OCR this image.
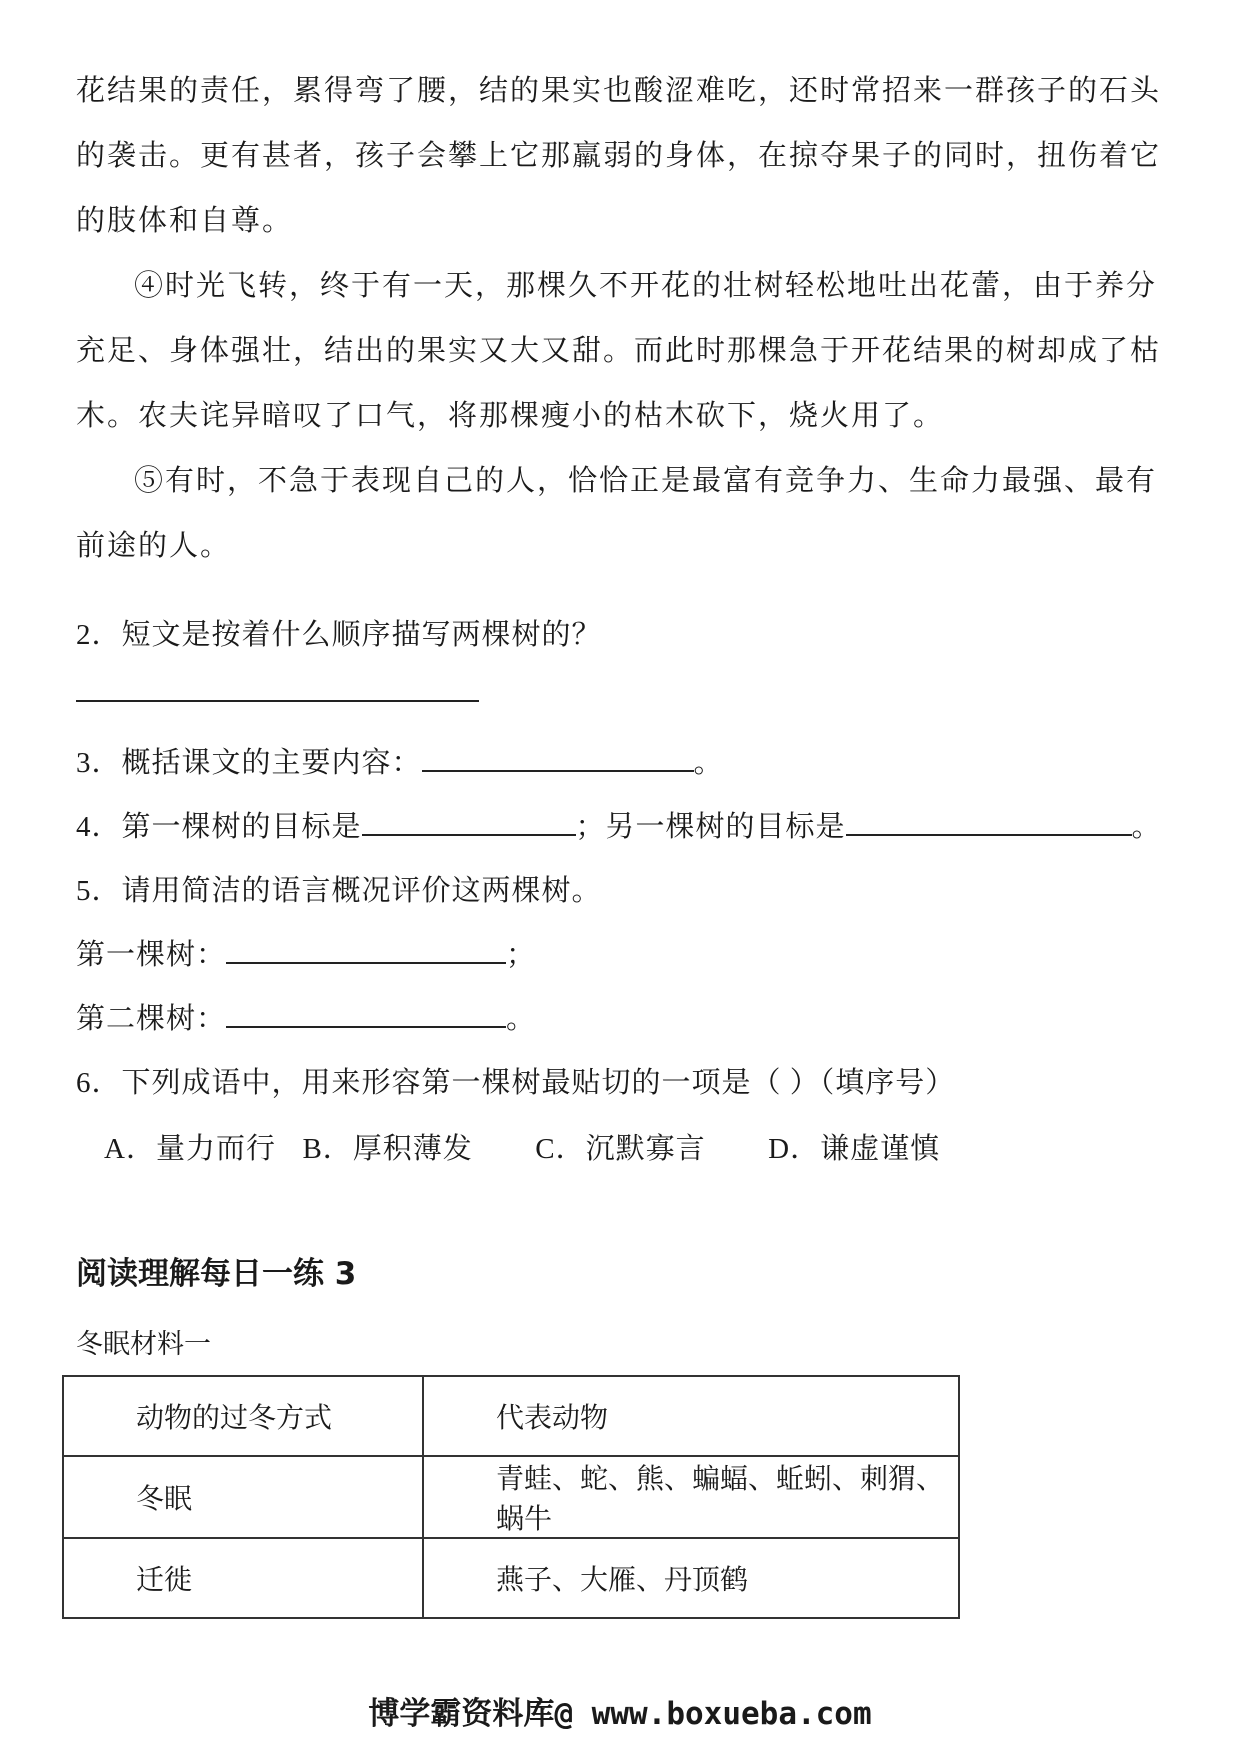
花结果的责任，累得弯了腰，结的果实也酸涩难吃，还时常招来一群孩子的石头的袭击。更有甚者，孩子会攀上它那羸弱的身体，在掠夺果子的同时，扭伤着它的肢体和自尊。

④时光飞转，终于有一天，那棵久不开花的壮树轻松地吐出花蕾，由于养分充足、身体强壮，结出的果实又大又甜。而此时那棵急于开花结果的树却成了枯木。农夫诧异暗叹了口气，将那棵瘦小的枯木砍下，烧火用了。

⑤有时，不急于表现自己的人，恰恰正是最富有竞争力、生命力最强、最有前途的人。

2．短文是按着什么顺序描写两棵树的？
3．概括课文的主要内容：	。
4．第一棵树的目标是	；另一棵树的目标是	。
5．请用简洁的语言概况评价这两棵树。
第一棵树：	；
第二棵树：	。
6．下列成语中，用来形容第一棵树最贴切的一项是（ ）（填序号）
A．量力而行 B．厚积薄发 C．沉默寡言 D．谦虚谨慎
阅读理解每日一练 3
冬眠材料一
动物的过冬方式	代表动物
冬眠	青蛙、蛇、熊、蝙蝠、蚯蚓、刺猬、蜗牛
迁徙	燕子、大雁、丹顶鹤
博学霸资料库@ www.boxueba.com
